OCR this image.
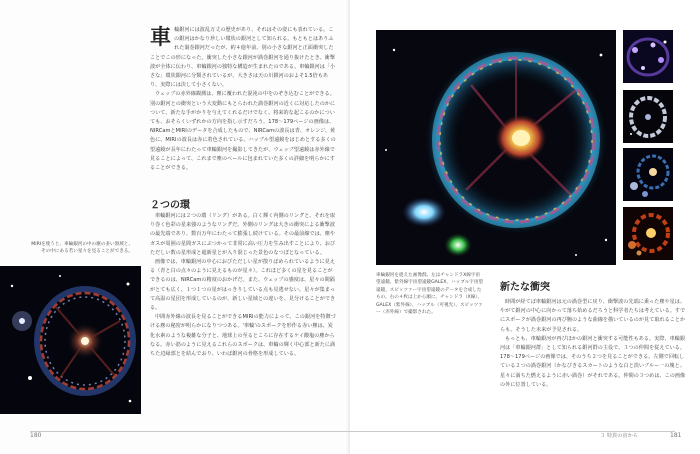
車 輪銀河には波乱万丈の歴史があり、それはその姿にも表れている。この銀河はかなり珍しい環状の銀河として知られる。もともとはありふれた渦巻銀河だったが、約４億年前、別の小さな銀河と正面衝突したことでこの形になった。衝突した小さな銀河が渦巻銀河を通り抜けたとき、衝撃波が全体に伝わり、車輪銀河の独特な構造が生まれたのである。車輪銀河は「小さな」環状銀河に分類されているが、大きさは天の川銀河のおよそ1.5倍もあり、実際には決して小さくない。

ウェッブの赤外線観測は、塵に覆われた混沌の中をのぞき込むことができる。別の銀河との衝突という大変動にもとらわれた渦巻銀河の近くに対応したのかについて、新たな手がかりを与えてくれるだけでなく、将来的な起こるのかについても、おそらくいずれかの方向を指し示すだろう。178～179ページの画像は、NIRCamとMIRIのデータを合成したもので、NIRCamの波長は青、オレンジ、黄色に、MIRIの波長は赤に着色されている。ハッブル望遠鏡をはじめとする多くの望遠鏡が長年にわたって車輪銀河を撮影してきたが、ウェッブ望遠鏡は赤外線で見ることによって、これまで塵のベールに包まれていた多くの詳細を明らかにすることができる。

２つの環

車輪銀河には２つの環（リング）がある。白く輝く内側のリングと、それを取り巻く色彩の星来強のようなリングだ。外側のリングは大きの衝突による衝撃波の最先端であり、数百万年にわたって膨張し続けている。その最前線では、塵やガスが周囲の星間ガスにぶつかって非常に高い圧力を生み出すことにより、おびただしい数の星形成と超新星とが入り混じった景色のなつぼとなっている。

画像では、車輪銀河の中心におびただしい星が散りばめられているように見える（青と白の点々のように見えるものが星々）。これほど多くの星を見ることができるのは、NIRCamの精度のおかげだ。また、ウェッブの感度は、星々の間隔がとても広く、１つ１つの星がはっきりしている点も見逃せない。星々が集まって高温の星団を形成しているのが、新しい星域との違いを、見分けることができる。

中間赤外線の波長を見ることができるMIRIの能力によって、この銀河を特徴づける塵の秘密が明らかになりつつある。'車輪'のスポークを形作る赤い塵は、炭化水素のような複雑な分子と、地球上の至るところに存在するケイ酸塩の塵からなる。赤い筋のように見えるこれらのスポークは、車輪の輝く中心部と新たに満ちた辺縁部とを結んでおり、いわば銀河の骨格を形成している。

MIRIを使うと、車輪銀河の中の塵の多い領域と、その中にある若い星々を見ることができる。
車輪銀河を捉えた画像群。左はチャンドラX線宇宙望遠鏡、紫外線宇宙望遠鏡GALEX、ハッブル宇宙望遠鏡、スピッツァー宇宙望遠鏡のデータを合成したもの。右の４枚は上から順に、チャンドラ（X線）、GALEX（紫外線）、ハッブル（可視光）、スピッツァー（赤外線）で撮影された。
新たな衝突

時間が経てば車輪銀河は元の渦巻型に戻り、衝撃波の先端に乗った塵や星は、やがて銀河の中心に向かって落ち始めるだろうと科学者たちは考えている。すでにスポークが渦巻銀河の再び腕のような曲線を描いているのが見て取れることからも、そうした未来が予見される。

もっとも、車輪銀河が再びほかの銀河と衝突する可能性もある。実際、車輪銀河は「車輪銀河群」として知られる銀河群の主役で、３つの仲間を従えている。178～179ページの画像では、そのうち２つを見ることができる。左側で回転している２つの渦巻銀河（かなびきるスカートのような白と淡いブルー一の塊と、星々に満ちた燃えるように赤い渦巻）がそれである。仲間の３つめは、この画像の外に位置している。

180	３ 特異の宙から	181
